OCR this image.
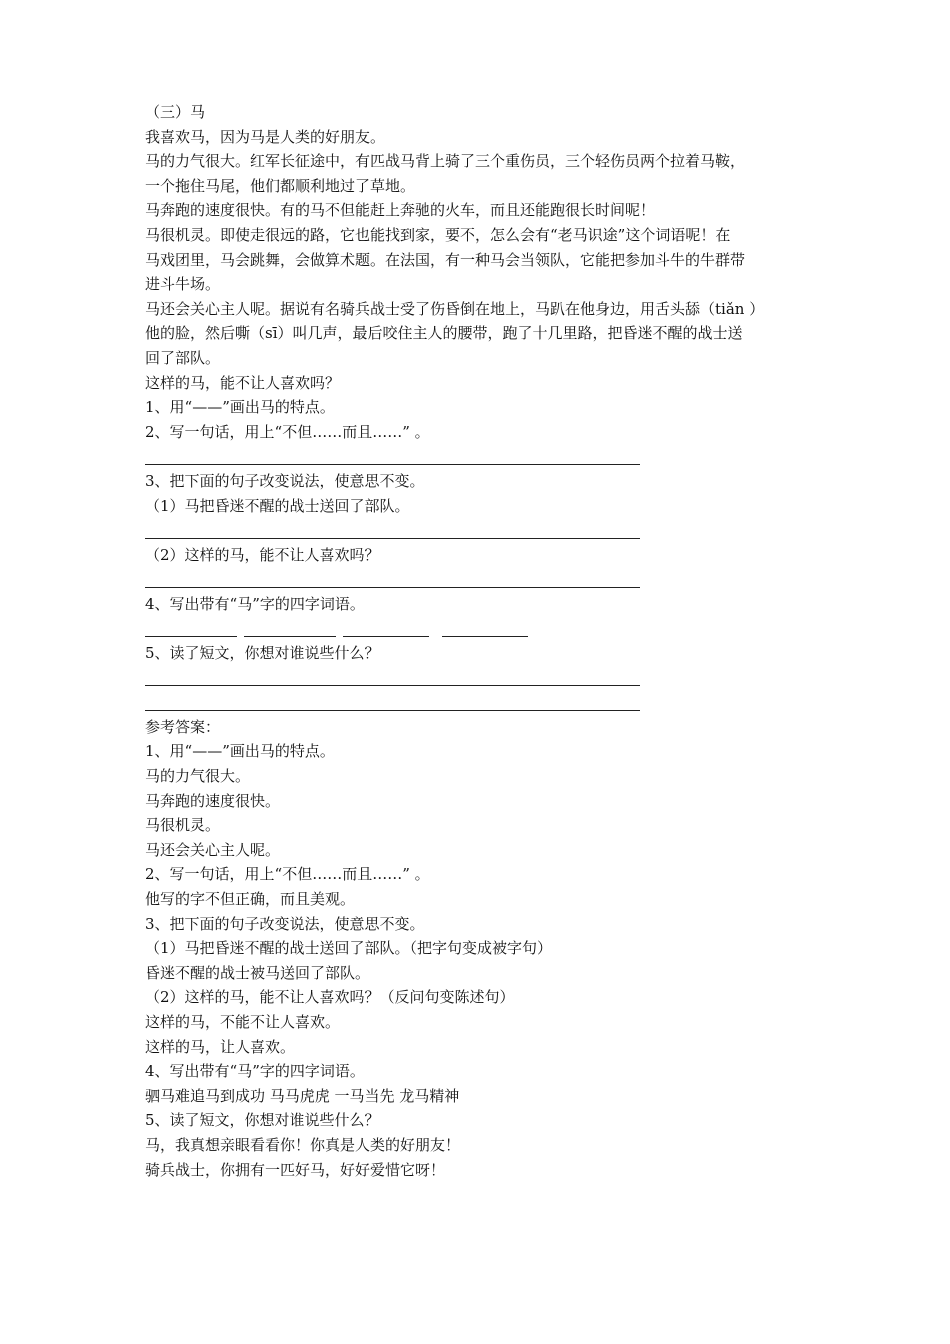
（三）马
我喜欢马，因为马是人类的好朋友。
马的力气很大。红军长征途中，有匹战马背上骑了三个重伤员，三个轻伤员两个拉着马鞍，
一个拖住马尾，他们都顺利地过了草地。
马奔跑的速度很快。有的马不但能赶上奔驰的火车，而且还能跑很长时间呢！
马很机灵。即使走很远的路，它也能找到家，要不，怎么会有“老马识途”这个词语呢！在
马戏团里，马会跳舞，会做算术题。在法国，有一种马会当领队，它能把参加斗牛的牛群带
进斗牛场。
马还会关心主人呢。据说有名骑兵战士受了伤昏倒在地上，马趴在他身边，用舌头舔（tiǎn ）
他的脸，然后嘶（sī）叫几声，最后咬住主人的腰带，跑了十几里路，把昏迷不醒的战士送
回了部队。
这样的马，能不让人喜欢吗？
1、用“——”画出马的特点。
2、写一句话，用上“不但……而且……” 。
3、把下面的句子改变说法，使意思不变。
（1）马把昏迷不醒的战士送回了部队。
（2）这样的马，能不让人喜欢吗？
4、写出带有“马”字的四字词语。
5、读了短文，你想对谁说些什么？
参考答案：
1、用“——”画出马的特点。
马的力气很大。
马奔跑的速度很快。
马很机灵。
马还会关心主人呢。
2、写一句话，用上“不但……而且……” 。
他写的字不但正确，而且美观。
3、把下面的句子改变说法，使意思不变。
（1）马把昏迷不醒的战士送回了部队。（把字句变成被字句）
昏迷不醒的战士被马送回了部队。
（2）这样的马，能不让人喜欢吗？（反问句变陈述句）
这样的马，不能不让人喜欢。
这样的马，让人喜欢。
4、写出带有“马”字的四字词语。
驷马难追马到成功 马马虎虎 一马当先 龙马精神
5、读了短文，你想对谁说些什么？
马，我真想亲眼看看你！你真是人类的好朋友！
骑兵战士，你拥有一匹好马，好好爱惜它呀！
